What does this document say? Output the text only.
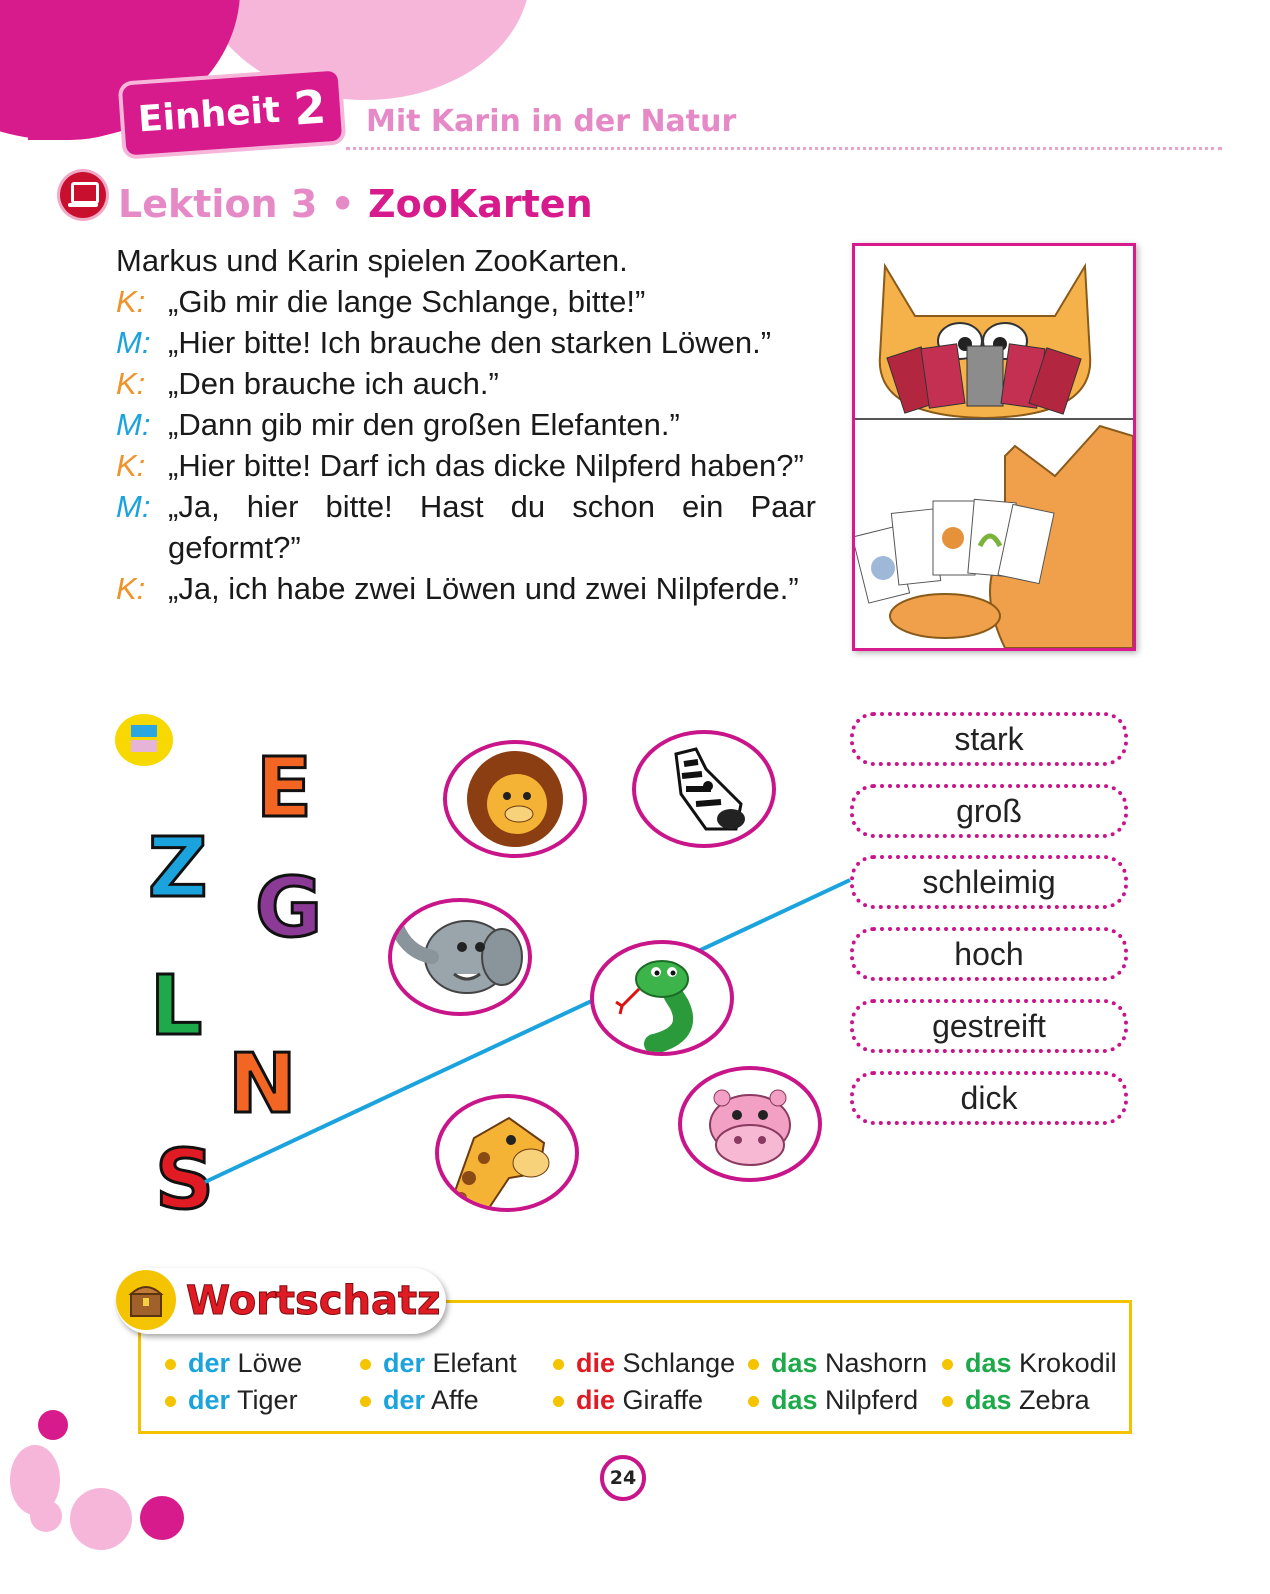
Einheit 2 Mit Karin in der Natur
Lektion 3 • ZooKarten

Markus und Karin spielen ZooKarten.

K: „Gib mir die lange Schlange, bitte!”
M: „Hier bitte! Ich brauche den starken Löwen.”
K: „Den brauche ich auch.”
M: „Dann gib mir den großen Elefanten.”
K: „Hier bitte! Darf ich das dicke Nilpferd haben?”
M: „Ja, hier bitte! Hast du schon ein Paar geformt?”
K: „Ja, ich habe zwei Löwen und zwei Nilpferde.”
E
Z G
L
N
S
stark
groß
schleimig
hoch
gestreift
dick
Wortschatz
der Löwe
der Tiger
der Elefant
der Affe
die Schlange
die Giraffe
das Nashorn
das Nilpferd
das Krokodil
das Zebra
24
